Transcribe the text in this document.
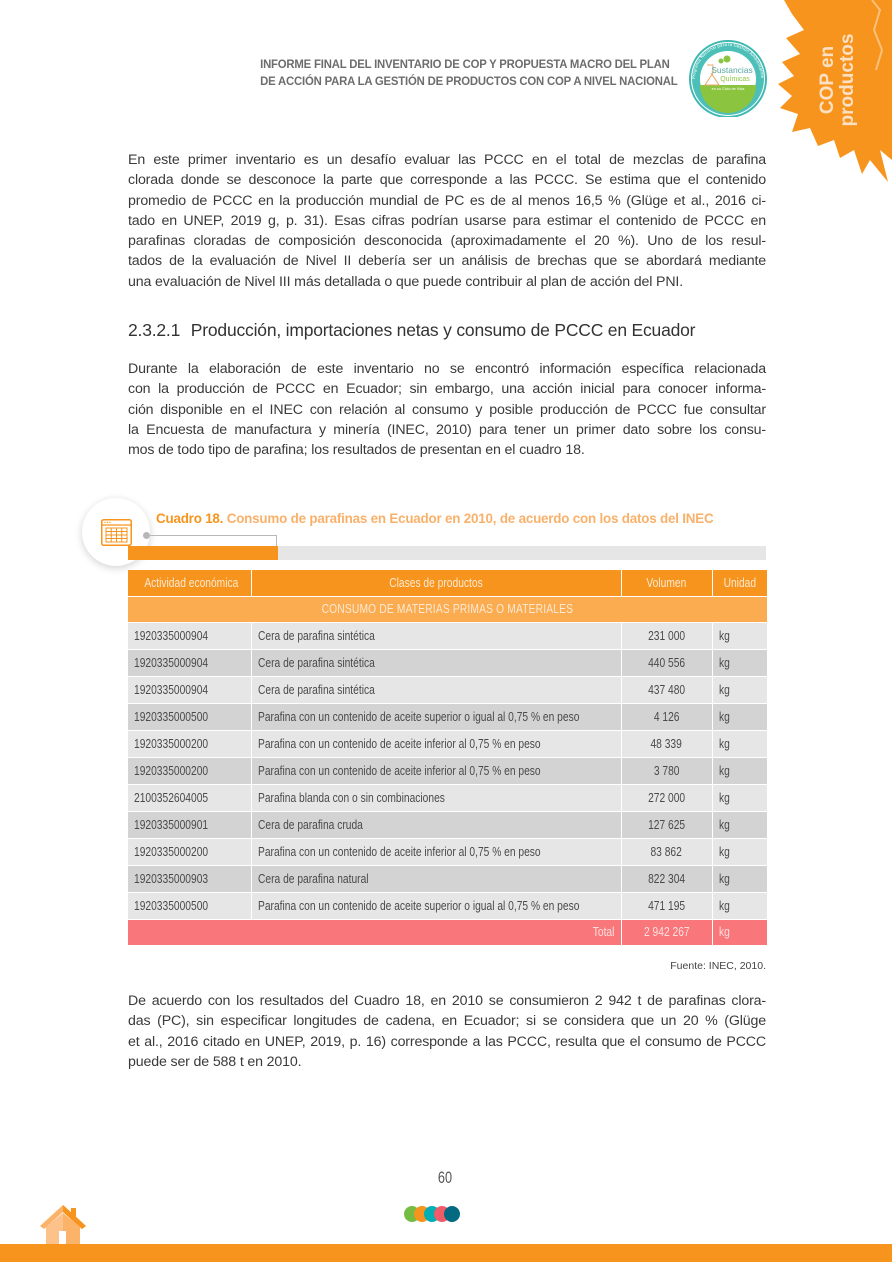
INFORME FINAL DEL INVENTARIO DE COP Y PROPUESTA MACRO DEL PLAN
DE ACCIÓN PARA LA GESTIÓN DE PRODUCTOS CON COP A NIVEL NACIONAL	COP en productos
Programa Nacional para la Gestión Ambientalme
Sustancias
Químicas
en su Ciclo de Vida
En este primer inventario es un desafío evaluar las PCCC en el total de mezclas de parafina
clorada donde se desconoce la parte que corresponde a las PCCC. Se estima que el contenido
promedio de PCCC en la producción mundial de PC es de al menos 16,5 % (Glüge et al., 2016 ci-
tado en UNEP, 2019 g, p. 31). Esas cifras podrían usarse para estimar el contenido de PCCC en
parafinas cloradas de composición desconocida (aproximadamente el 20 %). Uno de los resul-
tados de la evaluación de Nivel II debería ser un análisis de brechas que se abordará mediante
una evaluación de Nivel III más detallada o que puede contribuir al plan de acción del PNI.
2.3.2.1 Producción, importaciones netas y consumo de PCCC en Ecuador
Durante la elaboración de este inventario no se encontró información específica relacionada
con la producción de PCCC en Ecuador; sin embargo, una acción inicial para conocer informa-
ción disponible en el INEC con relación al consumo y posible producción de PCCC fue consultar
la Encuesta de manufactura y minería (INEC, 2010) para tener un primer dato sobre los consu-
mos de todo tipo de parafina; los resultados de presentan en el cuadro 18.
Cuadro 18. Consumo de parafinas en Ecuador en 2010, de acuerdo con los datos del INEC
Actividad económica	Clases de productos	Volumen	Unidad
CONSUMO DE MATERIAS PRIMAS O MATERIALES			
1920335000904	Cera de parafina sintética	231 000	kg
1920335000904	Cera de parafina sintética	440 556	kg
1920335000904	Cera de parafina sintética	437 480	kg
1920335000500	Parafina con un contenido de aceite superior o igual al 0,75 % en peso	4 126	kg
1920335000200	Parafina con un contenido de aceite inferior al 0,75 % en peso	48 339	kg
1920335000200	Parafina con un contenido de aceite inferior al 0,75 % en peso	3 780	kg
2100352604005	Parafina blanda con o sin combinaciones	272 000	kg
1920335000901	Cera de parafina cruda	127 625	kg
1920335000200	Parafina con un contenido de aceite inferior al 0,75 % en peso	83 862	kg
1920335000903	Cera de parafina natural	822 304	kg
1920335000500	Parafina con un contenido de aceite superior o igual al 0,75 % en peso	471 195	kg
Total		2 942 267	kg
Fuente: INEC, 2010.
De acuerdo con los resultados del Cuadro 18, en 2010 se consumieron 2 942 t de parafinas clora-
das (PC), sin especificar longitudes de cadena, en Ecuador; si se considera que un 20 % (Glüge
et al., 2016 citado en UNEP, 2019, p. 16) corresponde a las PCCC, resulta que el consumo de PCCC
puede ser de 588 t en 2010.
60
